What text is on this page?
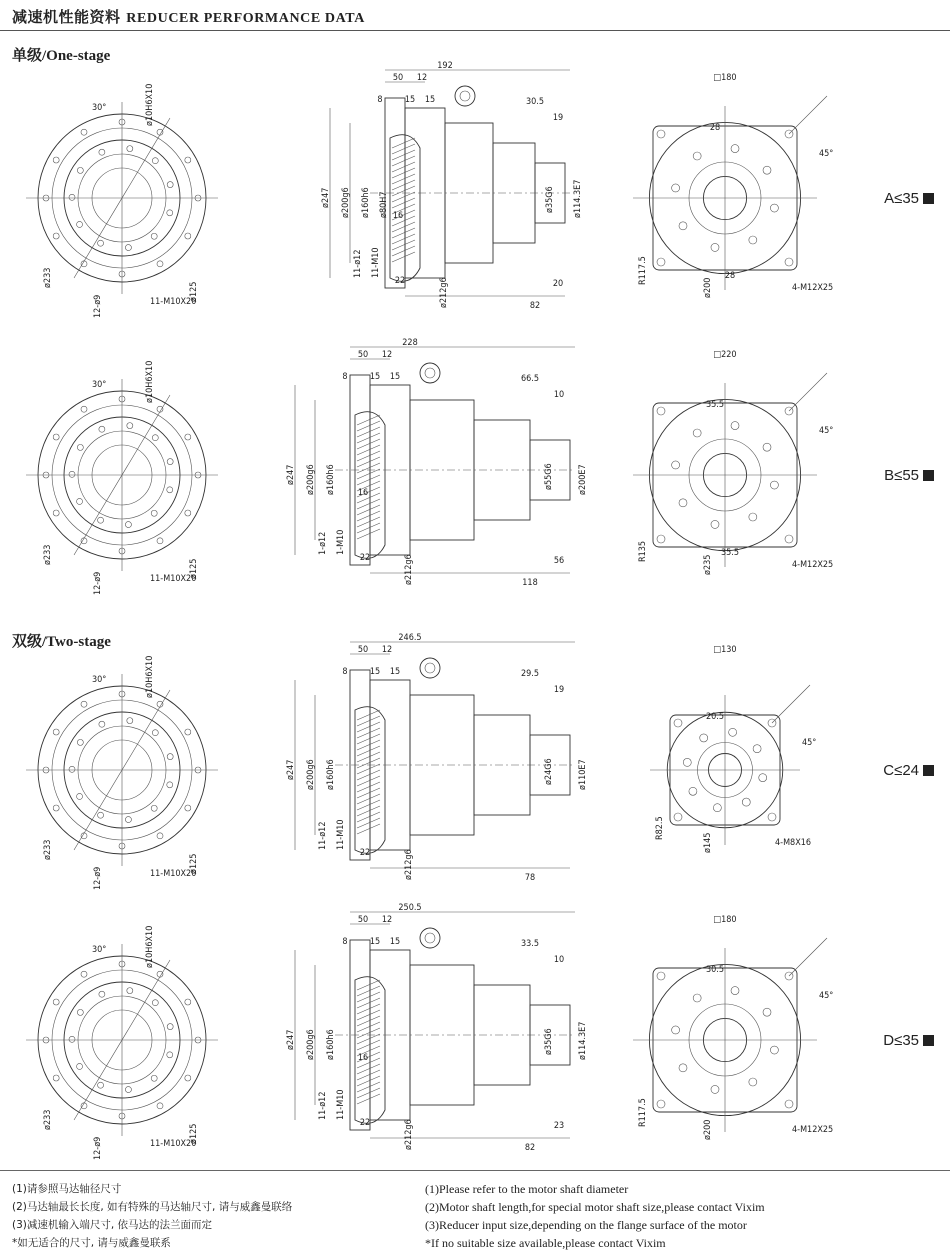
减速机性能资料 REDUCER PERFORMANCE DATA
单级/One-stage
双级/Two-stage
30°	ø10H6X10
ø233
12-ø9	11-M10X20
ø125
192
50 12
8 15 15	30.5
19
ø247 ø200g6 ø160h6 ø80H7
11-ø12 11-M10
22
16
ø212g6	82
20
ø35G6 ø114.3E7
□180
28
28
45°
R117.5
ø200	4-M12X25
A≤35
30°	ø10H6X10
ø233
12-ø9	11-M10X20
ø125
228
50 12
8 15 15	66.5
10
ø247 ø200g6 ø160h6
1-ø12 1-M10
22
16
ø212g6	118
56
ø55G6	ø200E7
□220
35.5
35.5
45°
R135
ø235	4-M12X25
B≤55
30°	ø10H6X10
ø233
12-ø9	11-M10X20
ø125
246.5
50 12
8 15 15	29.5
19
ø247 ø200g6 ø160h6
11-ø12 11-M10
22	ø212g6	78
ø24G6	ø110E7
□130
20.5
45°
R82.5
ø145	4-M8X16
C≤24
30°	ø10H6X10
ø233
12-ø9	11-M10X20
ø125
250.5
50 12
8 15 15	33.5
10
ø247 ø200g6 ø160h6
11-ø12 11-M10
22
16
ø212g6	82
23
ø35G6	ø114.3E7
□180
30.5
45°
R117.5
ø200	4-M12X25
D≤35
(1)请参照马达轴径尺寸
(2)马达轴最长长度, 如有特殊的马达轴尺寸, 请与威鑫曼联络
(3)减速机输入端尺寸, 依马达的法兰面而定
*如无适合的尺寸, 请与威鑫曼联系
(1)Please refer to the motor shaft diameter
(2)Motor shaft length,for special motor shaft size,please contact Vixim
(3)Reducer input size,depending on the flange surface of the motor
*If no suitable size available,please contact Vixim
